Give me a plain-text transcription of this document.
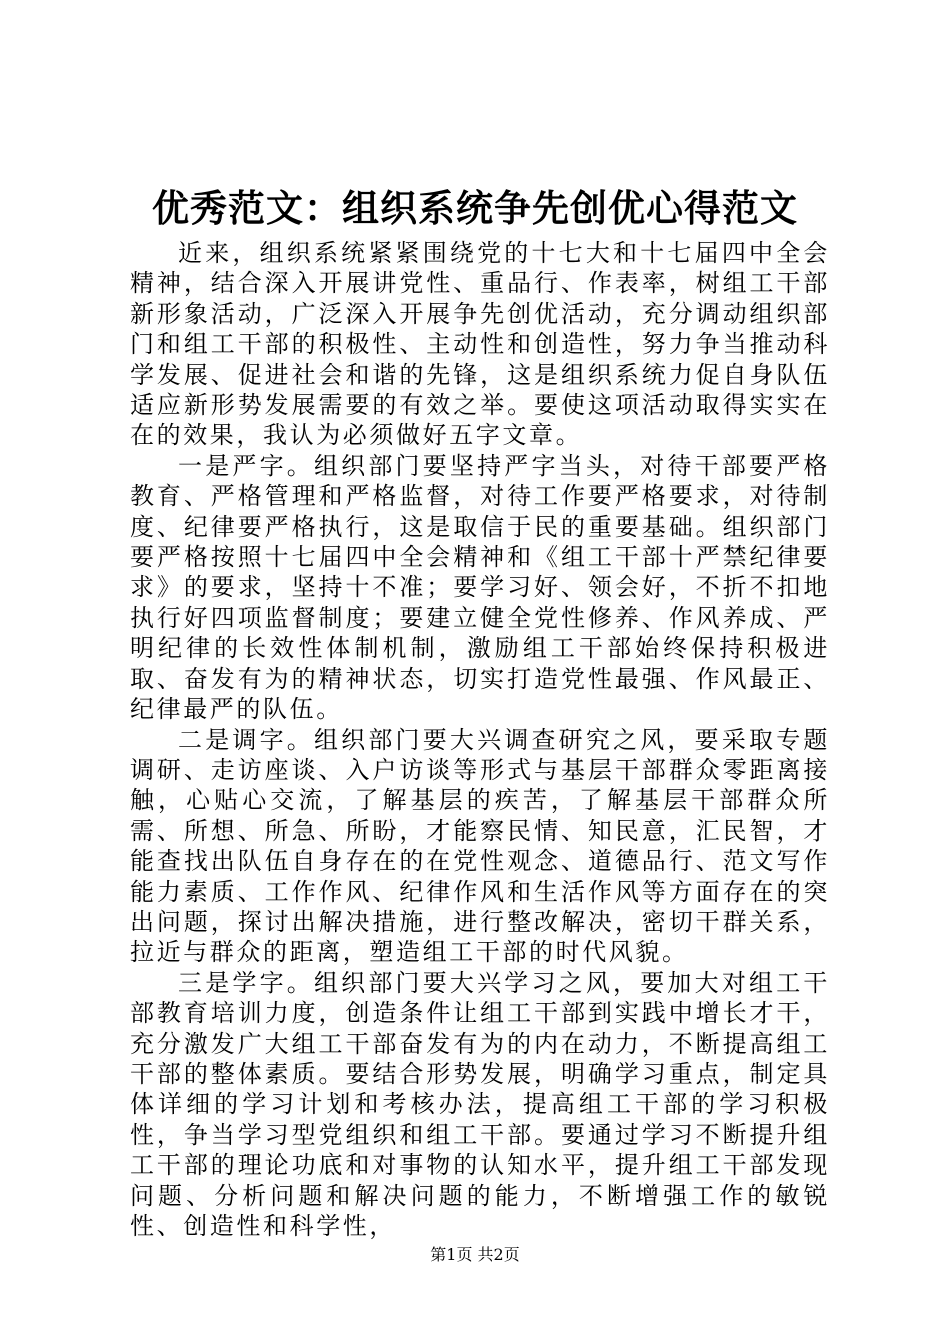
优秀范文：组织系统争先创优心得范文

近来，组织系统紧紧围绕党的十七大和十七届四中全会精神，结合深入开展讲党性、重品行、作表率，树组工干部新形象活动，广泛深入开展争先创优活动，充分调动组织部门和组工干部的积极性、主动性和创造性，努力争当推动科学发展、促进社会和谐的先锋，这是组织系统力促自身队伍适应新形势发展需要的有效之举。要使这项活动取得实实在在的效果，我认为必须做好五字文章。

一是严字。组织部门要坚持严字当头，对待干部要严格教育、严格管理和严格监督，对待工作要严格要求，对待制度、纪律要严格执行，这是取信于民的重要基础。组织部门要严格按照十七届四中全会精神和《组工干部十严禁纪律要求》的要求，坚持十不准；要学习好、领会好，不折不扣地执行好四项监督制度；要建立健全党性修养、作风养成、严明纪律的长效性体制机制，激励组工干部始终保持积极进取、奋发有为的精神状态，切实打造党性最强、作风最正、纪律最严的队伍。

二是调字。组织部门要大兴调查研究之风，要采取专题调研、走访座谈、入户访谈等形式与基层干部群众零距离接触，心贴心交流，了解基层的疾苦，了解基层干部群众所需、所想、所急、所盼，才能察民情、知民意，汇民智，才能查找出队伍自身存在的在党性观念、道德品行、范文写作能力素质、工作作风、纪律作风和生活作风等方面存在的突出问题，探讨出解决措施，进行整改解决，密切干群关系，拉近与群众的距离，塑造组工干部的时代风貌。

三是学字。组织部门要大兴学习之风，要加大对组工干部教育培训力度，创造条件让组工干部到实践中增长才干，充分激发广大组工干部奋发有为的内在动力，不断提高组工干部的整体素质。要结合形势发展，明确学习重点，制定具体详细的学习计划和考核办法，提高组工干部的学习积极性，争当学习型党组织和组工干部。要通过学习不断提升组工干部的理论功底和对事物的认知水平，提升组工干部发现问题、分析问题和解决问题的能力，不断增强工作的敏锐性、创造性和科学性，

第1页 共2页
